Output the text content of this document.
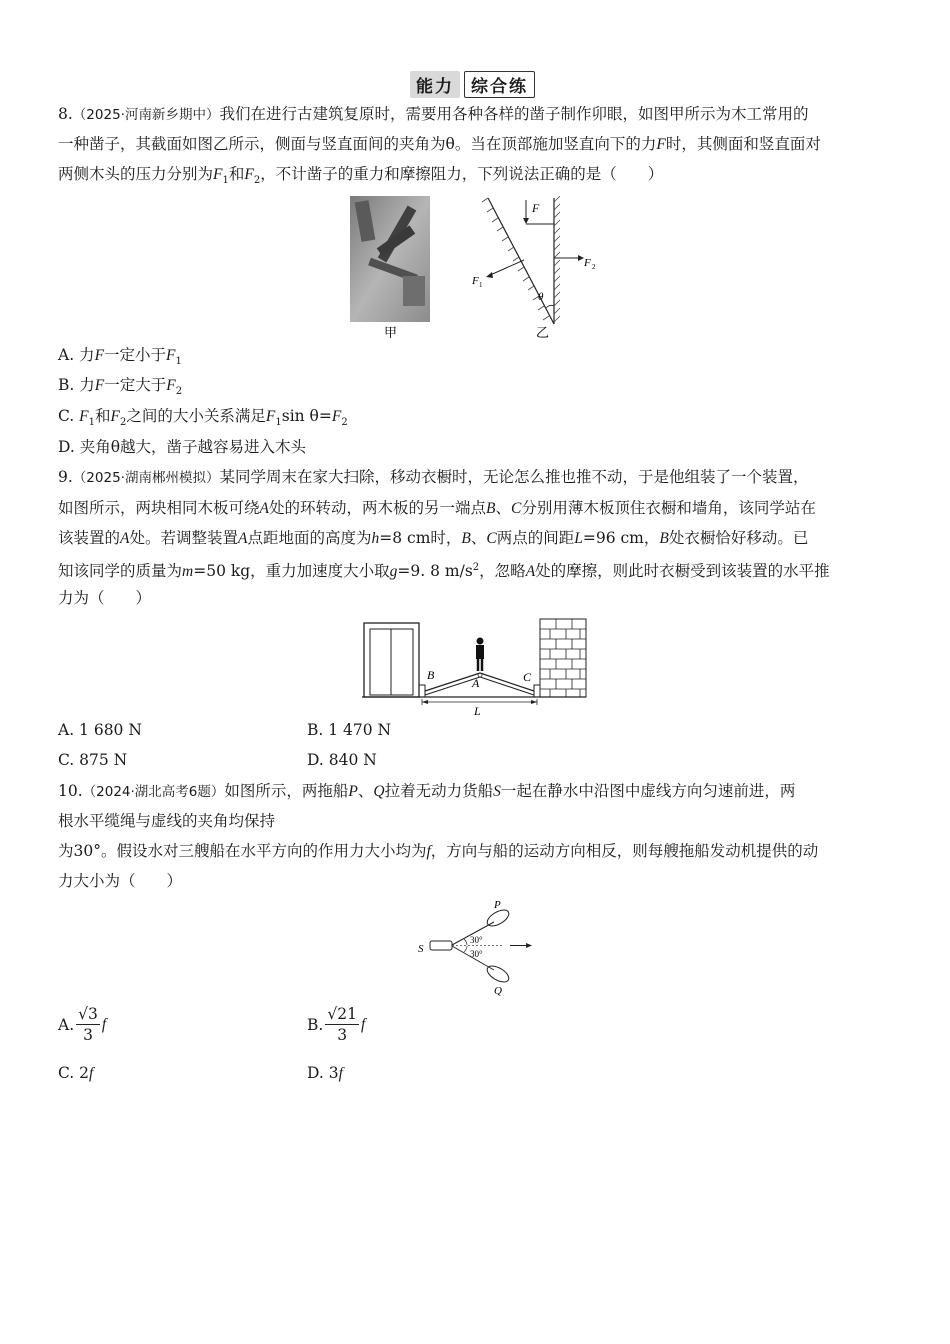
能力	综合练
8.（2025·河南新乡期中）我们在进行古建筑复原时，需要用各种各样的凿子制作卯眼，如图甲所示为木工常用的
一种凿子，其截面如图乙所示，侧面与竖直面间的夹角为θ。当在顶部施加竖直向下的力F时，其侧面和竖直面对
两侧木头的压力分别为$F_1$和$F_2$，不计凿子的重力和摩擦阻力，下列说法正确的是（　　）
甲
F
F 2
F 1
θ
乙
A. 力F一定小于$F_1$
B. 力F一定大于$F_2$
C. $F_1$和$F_2$之间的大小关系满足$F_1\sin$ $\theta=F_2$
D. 夹角θ越大，凿子越容易进入木头
9.（2025·湖南郴州模拟）某同学周末在家大扫除，移动衣橱时，无论怎么推也推不动，于是他组装了一个装置，
如图所示，两块相同木板可绕A处的环转动，两木板的另一端点B、C分别用薄木板顶住衣橱和墙角，该同学站在
该装置的A处。若调整装置A点距地面的高度为h=8 cm时，B、C两点的间距L=96 cm，B处衣橱恰好移动。已
知该同学的质量为m=50 kg，重力加速度大小取g=9. 8 $m/s^2$，忽略A处的摩擦，则此时衣橱受到该装置的水平推
力为（　　）
B
A	C
L
A. 1 680 N	B. 1 470 N
C. 875 N	D. 840 N
10.（2024·湖北高考6题）如图所示，两拖船P、Q拉着无动力货船S一起在静水中沿图中虚线方向匀速前进，两
根水平缆绳与虚线的夹角均保持
为30°。假设水对三艘船在水平方向的作用力大小均为f，方向与船的运动方向相反，则每艘拖船发动机提供的动
力大小为（　　）
S
P
Q
30°
30°
A. $\frac{√3}{3}$ f	B. $\frac{√21}{3}$ f
C. 2f	D. 3f
